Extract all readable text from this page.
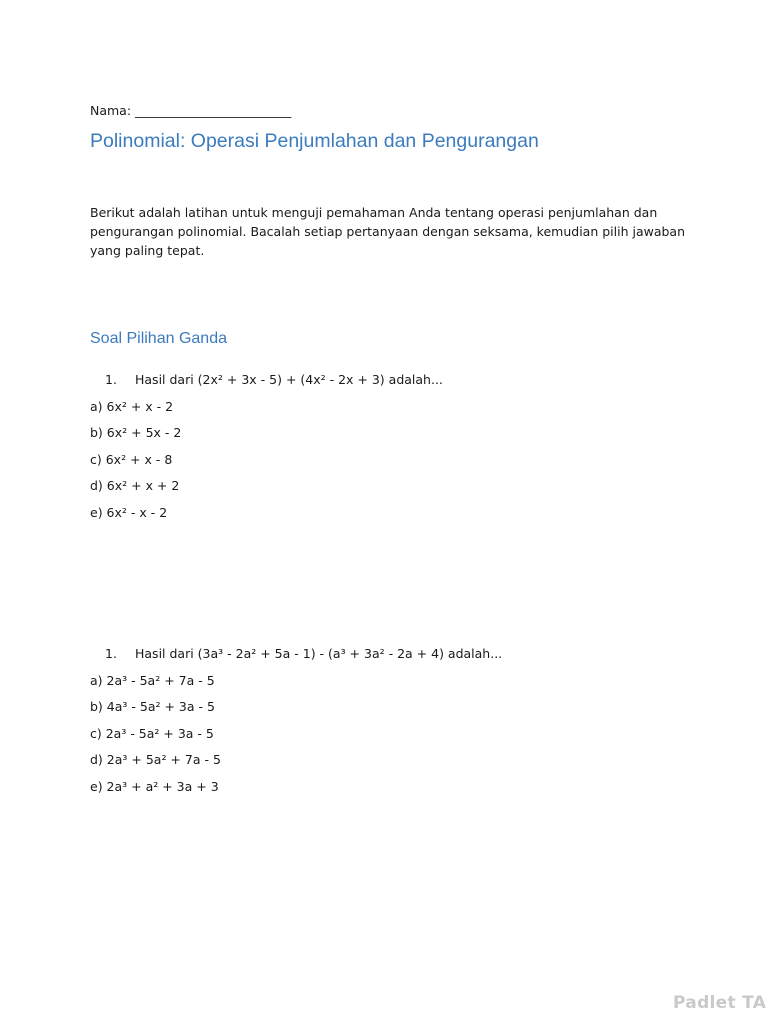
Nama: _________________________
Polinomial: Operasi Penjumlahan dan Pengurangan
Berikut adalah latihan untuk menguji pemahaman Anda tentang operasi penjumlahan dan pengurangan polinomial. Bacalah setiap pertanyaan dengan seksama, kemudian pilih jawaban yang paling tepat.
Soal Pilihan Ganda
1.	Hasil dari (2x² + 3x - 5) + (4x² - 2x + 3) adalah...
a) 6x² + x - 2
b) 6x² + 5x - 2
c) 6x² + x - 8
d) 6x² + x + 2
e) 6x² - x - 2
1.	Hasil dari (3a³ - 2a² + 5a - 1) - (a³ + 3a² - 2a + 4) adalah...
a) 2a³ - 5a² + 7a - 5
b) 4a³ - 5a² + 3a - 5
c) 2a³ - 5a² + 3a - 5
d) 2a³ + 5a² + 7a - 5
e) 2a³ + a² + 3a + 3
Padlet TA
